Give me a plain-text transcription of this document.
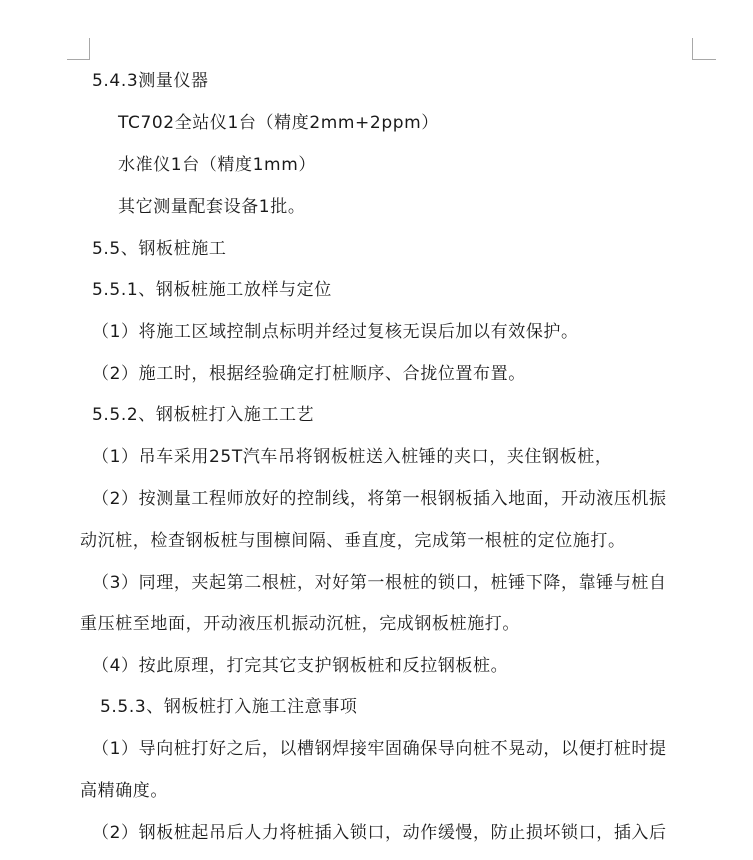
5.4.3测量仪器
TC702全站仪1台（精度2mm+2ppm）
水准仪1台（精度1mm）
其它测量配套设备1批。
5.5、钢板桩施工
5.5.1、钢板桩施工放样与定位
（1）将施工区域控制点标明并经过复核无误后加以有效保护。
（2）施工时，根据经验确定打桩顺序、合拢位置布置。
5.5.2、钢板桩打入施工工艺
（1）吊车采用25T汽车吊将钢板桩送入桩锤的夹口，夹住钢板桩，
（2）按测量工程师放好的控制线，将第一根钢板插入地面，开动液压机振
动沉桩，检查钢板桩与围檩间隔、垂直度，完成第一根桩的定位施打。
（3）同理，夹起第二根桩，对好第一根桩的锁口，桩锤下降，靠锤与桩自
重压桩至地面，开动液压机振动沉桩，完成钢板桩施打。
（4）按此原理，打完其它支护钢板桩和反拉钢板桩。
5.5.3、钢板桩打入施工注意事项
（1）导向桩打好之后，以槽钢焊接牢固确保导向桩不晃动，以便打桩时提
高精确度。
（2）钢板桩起吊后人力将桩插入锁口，动作缓慢，防止损坏锁口，插入后
